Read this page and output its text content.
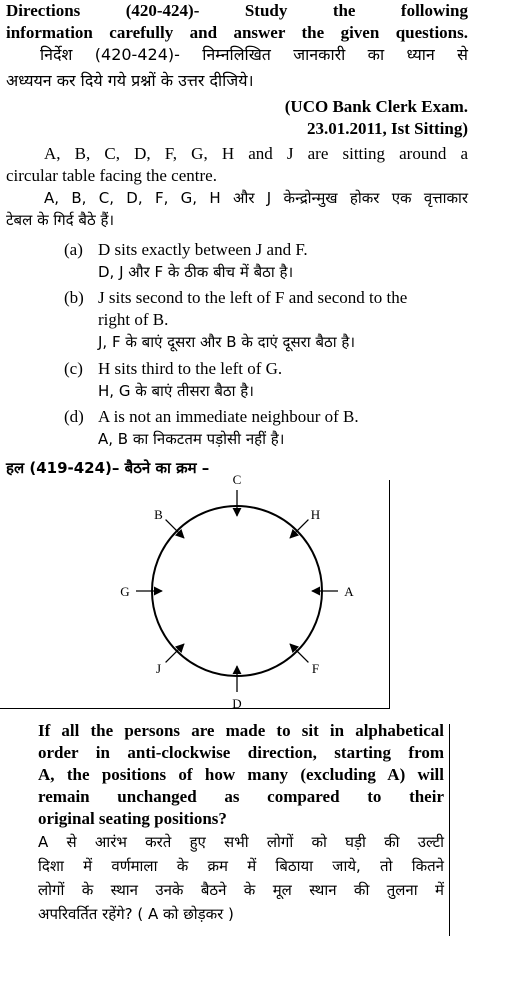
Directions (420-424)- Study the following
information carefully and answer the given questions.
निर्देश (420-424)- निम्नलिखित जानकारी का ध्यान से
अध्ययन कर दिये गये प्रश्नों के उत्तर दीजिये।
(UCO Bank Clerk Exam.
23.01.2011, Ist Sitting)
A, B, C, D, F, G, H and J are sitting around a
circular table facing the centre.
A, B, C, D, F, G, H और J केन्द्रोन्मुख होकर एक वृत्ताकार
टेबल के गिर्द बैठे हैं।
(a) D sits exactly between J and F.
D, J और F के ठीक बीच में बैठा है।
(b) J sits second to the left of F and second to the
right of B.
J, F के बाएं दूसरा और B के दाएं दूसरा बैठा है।
(c) H sits third to the left of G.
H, G के बाएं तीसरा बैठा है।
(d) A is not an immediate neighbour of B.
A, B का निकटतम पड़ोसी नहीं है।
हल (419-424)– बैठने का क्रम –
C
H
A
F
D
J
G
B
If all the persons are made to sit in alphabetical
order in anti-clockwise direction, starting from
A, the positions of how many (excluding A) will
remain unchanged as compared to their
original seating positions?
A से आरंभ करते हुए सभी लोगों को घड़ी की उल्टी
दिशा में वर्णमाला के क्रम में बिठाया जाये, तो कितने
लोगों के स्थान उनके बैठने के मूल स्थान की तुलना में
अपरिवर्तित रहेंगे? ( A को छोड़कर )
